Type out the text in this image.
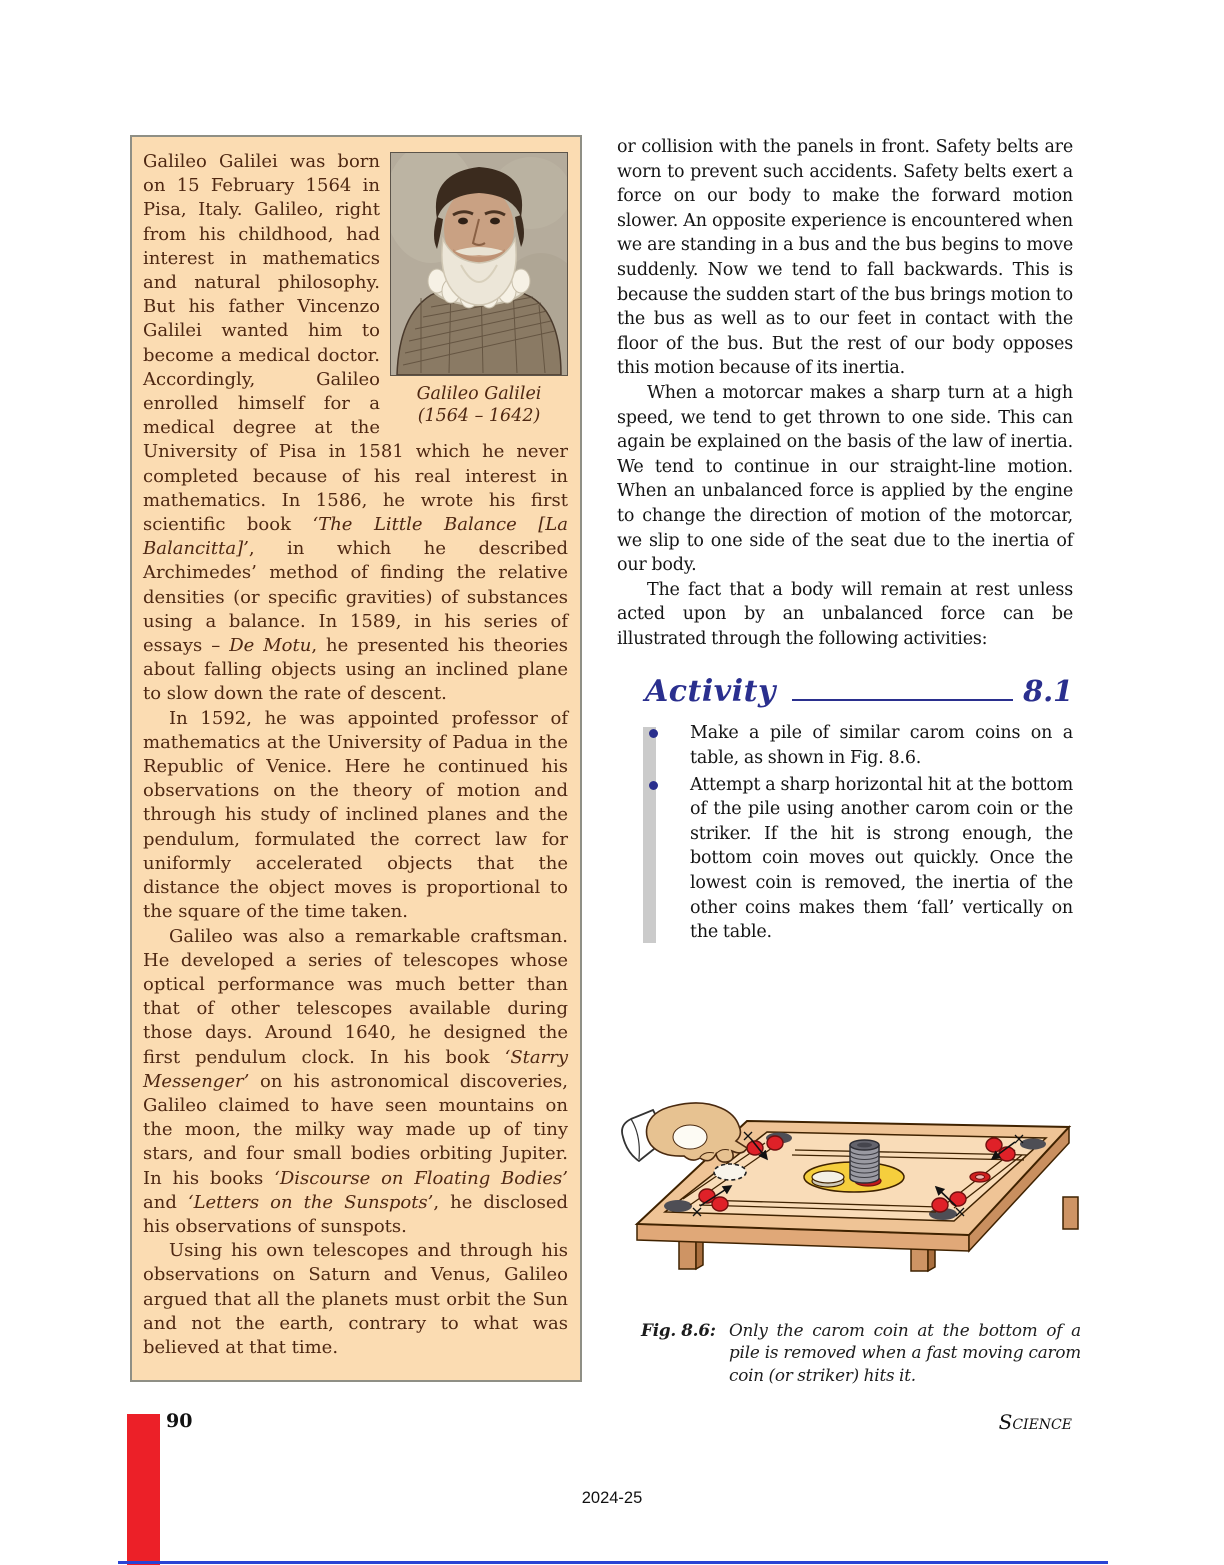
Galileo Galilei
(1564 – 1642)

Galileo Galilei was born on 15 February 1564 in Pisa, Italy. Galileo, right from his childhood, had interest in mathematics and natural philosophy. But his father Vincenzo Galilei wanted him to become a medical doctor. Accordingly, Galileo enrolled himself for a medical degree at the University of Pisa in 1581 which he never completed because of his real interest in mathematics. In 1586, he wrote his first scientific book ‘The Little Balance [La Balancitta]’, in which he described Archimedes’ method of finding the relative densities (or specific gravities) of substances using a balance. In 1589, in his series of essays – De Motu, he presented his theories about falling objects using an inclined plane to slow down the rate of descent.

In 1592, he was appointed professor of mathematics at the University of Padua in the Republic of Venice. Here he continued his observations on the theory of motion and through his study of inclined planes and the pendulum, formulated the correct law for uniformly accelerated objects that the distance the object moves is proportional to the square of the time taken.

Galileo was also a remarkable craftsman. He developed a series of telescopes whose optical performance was much better than that of other telescopes available during those days. Around 1640, he designed the first pendulum clock. In his book ‘Starry Messenger’ on his astronomical discoveries, Galileo claimed to have seen mountains on the moon, the milky way made up of tiny stars, and four small bodies orbiting Jupiter. In his books ‘Discourse on Floating Bodies’ and ‘Letters on the Sunspots’, he disclosed his observations of sunspots.

Using his own telescopes and through his observations on Saturn and Venus, Galileo argued that all the planets must orbit the Sun and not the earth, contrary to what was believed at that time.

or collision with the panels in front. Safety belts are worn to prevent such accidents. Safety belts exert a force on our body to make the forward motion slower. An opposite experience is encountered when we are standing in a bus and the bus begins to move suddenly. Now we tend to fall backwards. This is because the sudden start of the bus brings motion to the bus as well as to our feet in contact with the floor of the bus. But the rest of our body opposes this motion because of its inertia.

When a motorcar makes a sharp turn at a high speed, we tend to get thrown to one side. This can again be explained on the basis of the law of inertia. We tend to continue in our straight-line motion. When an unbalanced force is applied by the engine to change the direction of motion of the motorcar, we slip to one side of the seat due to the inertia of our body.

The fact that a body will remain at rest unless acted upon by an unbalanced force can be illustrated through the following activities:

Activity	8.1
Make a pile of similar carom coins on a table, as shown in Fig. 8.6.
Attempt a sharp horizontal hit at the bottom of the pile using another carom coin or the striker. If the hit is strong enough, the bottom coin moves out quickly. Once the lowest coin is removed, the inertia of the other coins makes them ‘fall’ vertically on the table.
Fig. 8.6: Only the carom coin at the bottom of a pile is removed when a fast moving carom coin (or striker) hits it.
90	Science
2024-25
